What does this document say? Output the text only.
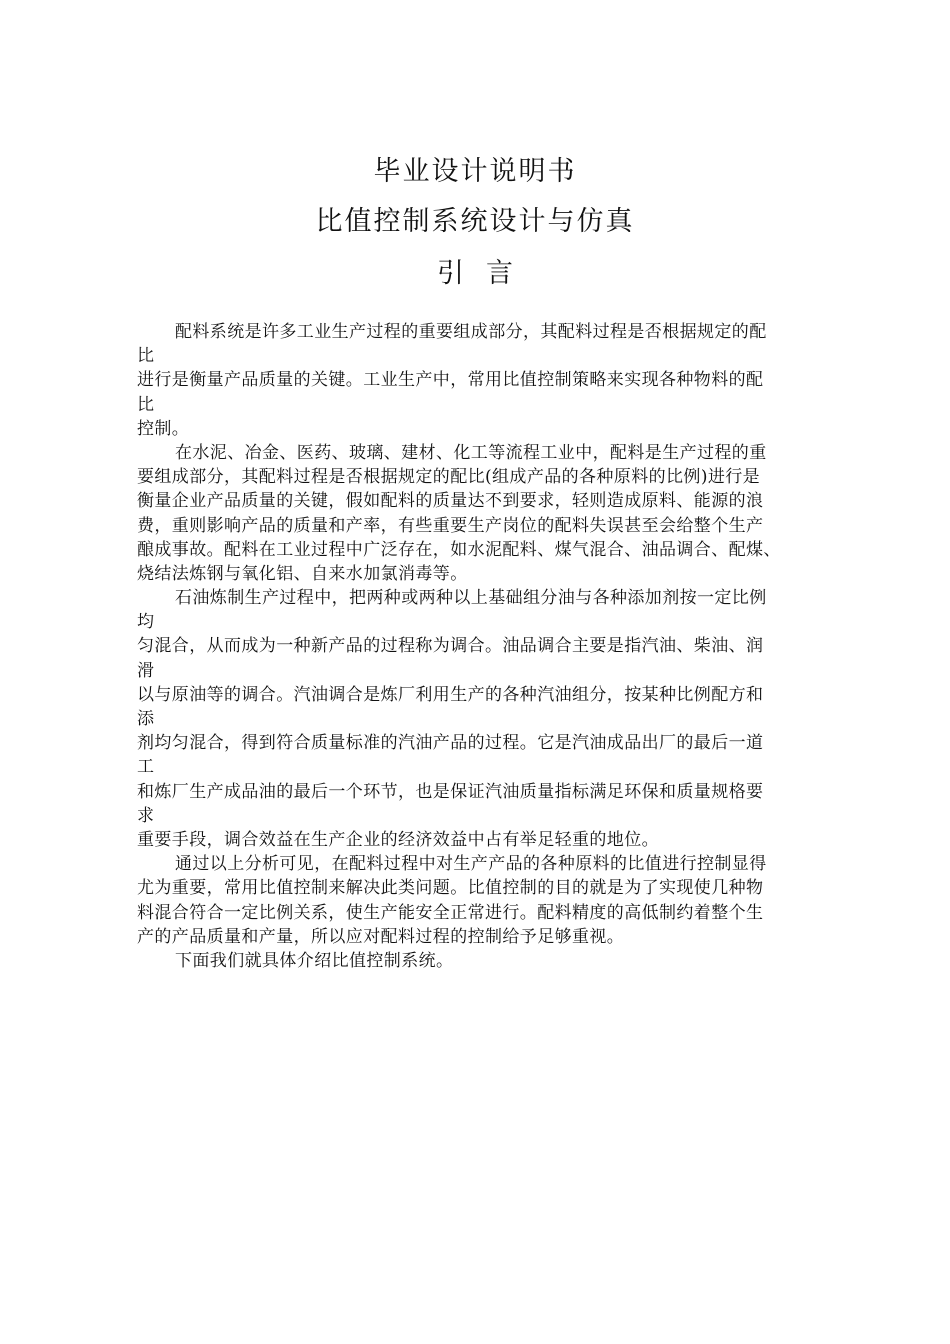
毕业设计说明书
比值控制系统设计与仿真
引言

配料系统是许多工业生产过程的重要组成部分，其配料过程是否根据规定的配

比

进行是衡量产品质量的关键。工业生产中，常用比值控制策略来实现各种物料的配

比

控制。

在水泥、冶金、医药、玻璃、建材、化工等流程工业中，配料是生产过程的重

要组成部分，其配料过程是否根据规定的配比(组成产品的各种原料的比例)进行是

衡量企业产品质量的关键，假如配料的质量达不到要求，轻则造成原料、能源的浪

费，重则影响产品的质量和产率，有些重要生产岗位的配料失误甚至会给整个生产

酿成事故。配料在工业过程中广泛存在，如水泥配料、煤气混合、油品调合、配煤、

烧结法炼钢与氧化铝、自来水加氯消毒等。

石油炼制生产过程中，把两种或两种以上基础组分油与各种添加剂按一定比例

均

匀混合，从而成为一种新产品的过程称为调合。油品调合主要是指汽油、柴油、润

滑

以与原油等的调合。汽油调合是炼厂利用生产的各种汽油组分，按某种比例配方和

添

剂均匀混合，得到符合质量标准的汽油产品的过程。它是汽油成品出厂的最后一道

工

和炼厂生产成品油的最后一个环节，也是保证汽油质量指标满足环保和质量规格要

求

重要手段，调合效益在生产企业的经济效益中占有举足轻重的地位。

通过以上分析可见，在配料过程中对生产产品的各种原料的比值进行控制显得

尤为重要，常用比值控制来解决此类问题。比值控制的目的就是为了实现使几种物

料混合符合一定比例关系，使生产能安全正常进行。配料精度的高低制约着整个生

产的产品质量和产量，所以应对配料过程的控制给予足够重视。

下面我们就具体介绍比值控制系统。
